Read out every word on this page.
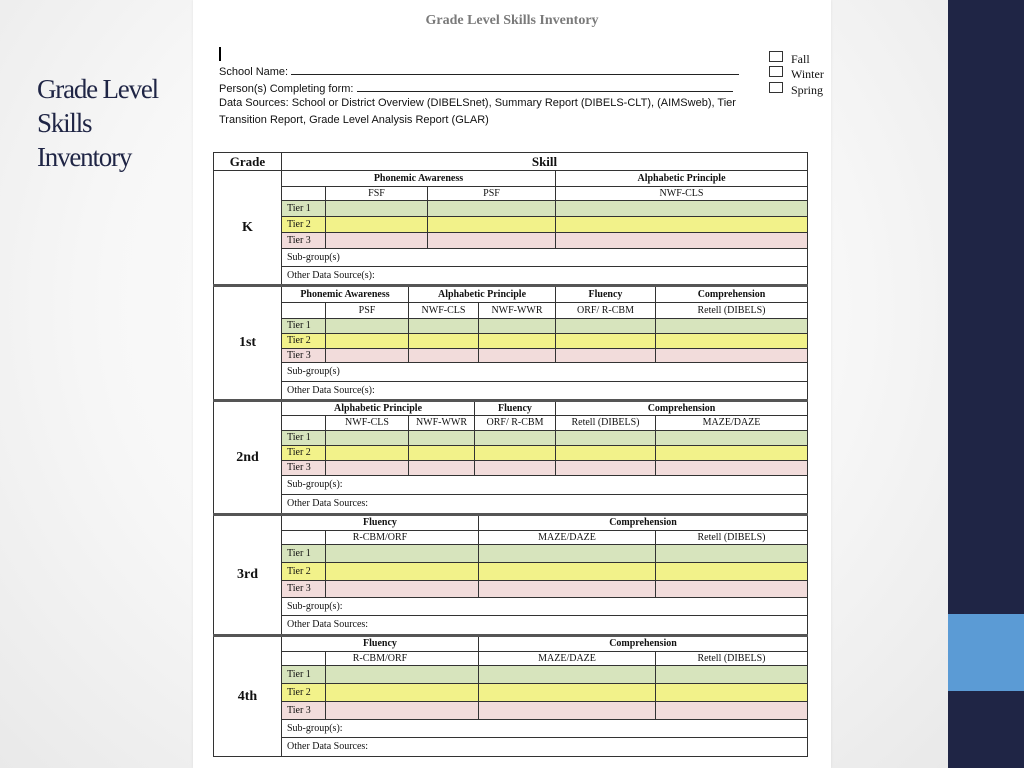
Grade Level
Skills
Inventory
Grade Level Skills Inventory
School Name:
Person(s) Completing form:
Data Sources: School or District Overview (DIBELSnet), Summary Report (DIBELS-CLT), (AIMSweb), Tier
Transition Report, Grade Level Analysis Report (GLAR)
Fall
Winter
Spring
Grade	Skill
K
Phonemic Awareness	Alphabetic Principle
FSF	PSF	NWF-CLS
Tier 1
Tier 2
Tier 3
Sub-group(s)
Other Data Source(s):
1st
Phonemic Awareness	Alphabetic Principle	Fluency	Comprehension
PSF	NWF-CLS	NWF-WWR	ORF/ R-CBM	Retell (DIBELS)
Tier 1
Tier 2
Tier 3
Sub-group(s)
Other Data Source(s):
2nd
Alphabetic Principle	Fluency	Comprehension
NWF-CLS	NWF-WWR	ORF/ R-CBM	Retell (DIBELS)	MAZE/DAZE
Tier 1
Tier 2
Tier 3
Sub-group(s):
Other Data Sources:
3rd
Fluency	Comprehension
R-CBM/ORF	MAZE/DAZE	Retell (DIBELS)
Tier 1
Tier 2
Tier 3
Sub-group(s):
Other Data Sources:
4th
Fluency	Comprehension
R-CBM/ORF	MAZE/DAZE	Retell (DIBELS)
Tier 1
Tier 2
Tier 3
Sub-group(s):
Other Data Sources:
